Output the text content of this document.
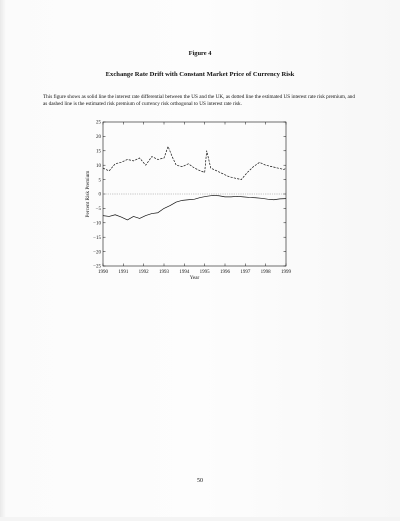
Figure 4
Exchange Rate Drift with Constant Market Price of Currency Risk
This figure shows as solid line the interest rate differential between the US and the UK, as dotted line the estimated US interest rate risk premium, and as dashed line is the estimated risk premium of currency risk orthogonal to US interest rate risk.
−25
−20
−15
−10
−5
0
5
10
15
20
25
1990 1991 1992 1993 1994 1995 1996 1997 1998 1999
Percent Risk Premium
Year
50
